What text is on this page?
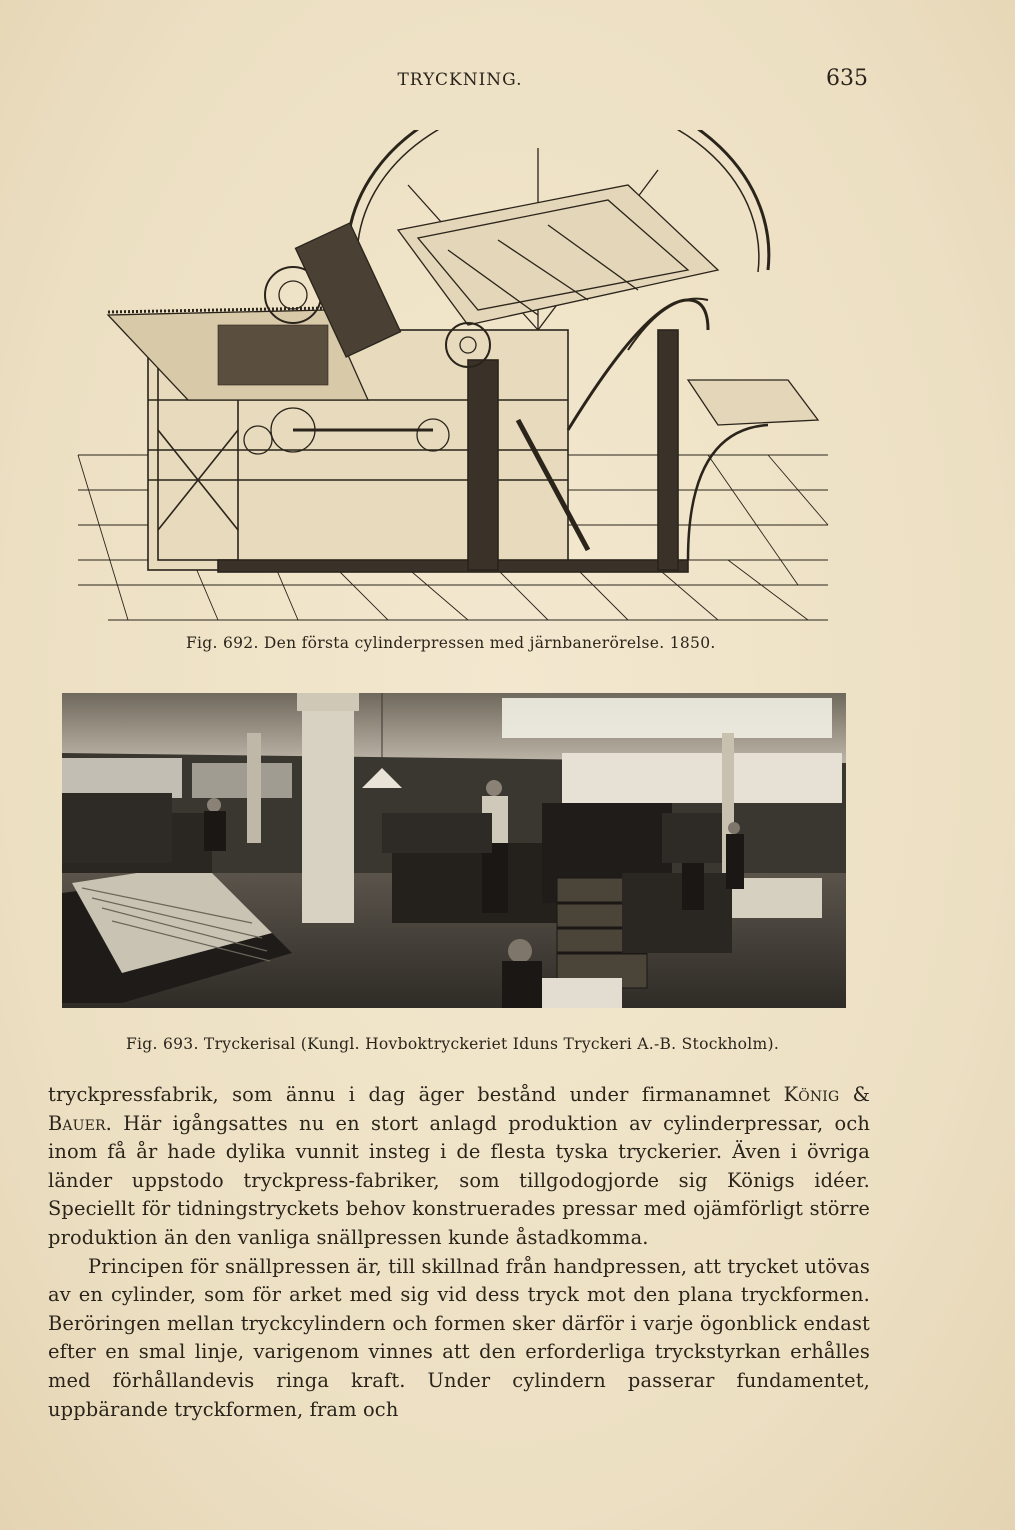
TRYCKNING.	635
Fig. 692. Den första cylinderpressen med järnbanerörelse. 1850.
Fig. 693. Tryckerisal (Kungl. Hovboktryckeriet Iduns Tryckeri A.-B. Stockholm).

tryckpressfabrik, som ännu i dag äger bestånd under firmanamnet König & Bauer. Här igångsattes nu en stort anlagd produktion av cylinderpressar, och inom få år hade dylika vunnit insteg i de flesta tyska tryckerier. Även i övriga länder uppstodo tryckpress-fabriker, som tillgodogjorde sig Königs idéer. Speciellt för tidningstryckets behov konstruerades pressar med ojämförligt större produktion än den vanliga snällpressen kunde åstadkomma.

Principen för snällpressen är, till skillnad från handpressen, att trycket utövas av en cylinder, som för arket med sig vid dess tryck mot den plana tryckformen. Beröringen mellan tryckcylindern och formen sker därför i varje ögonblick endast efter en smal linje, varigenom vinnes att den erforderliga tryckstyrkan erhålles med förhållandevis ringa kraft. Under cylindern passerar fundamentet, uppbärande tryckformen, fram och
